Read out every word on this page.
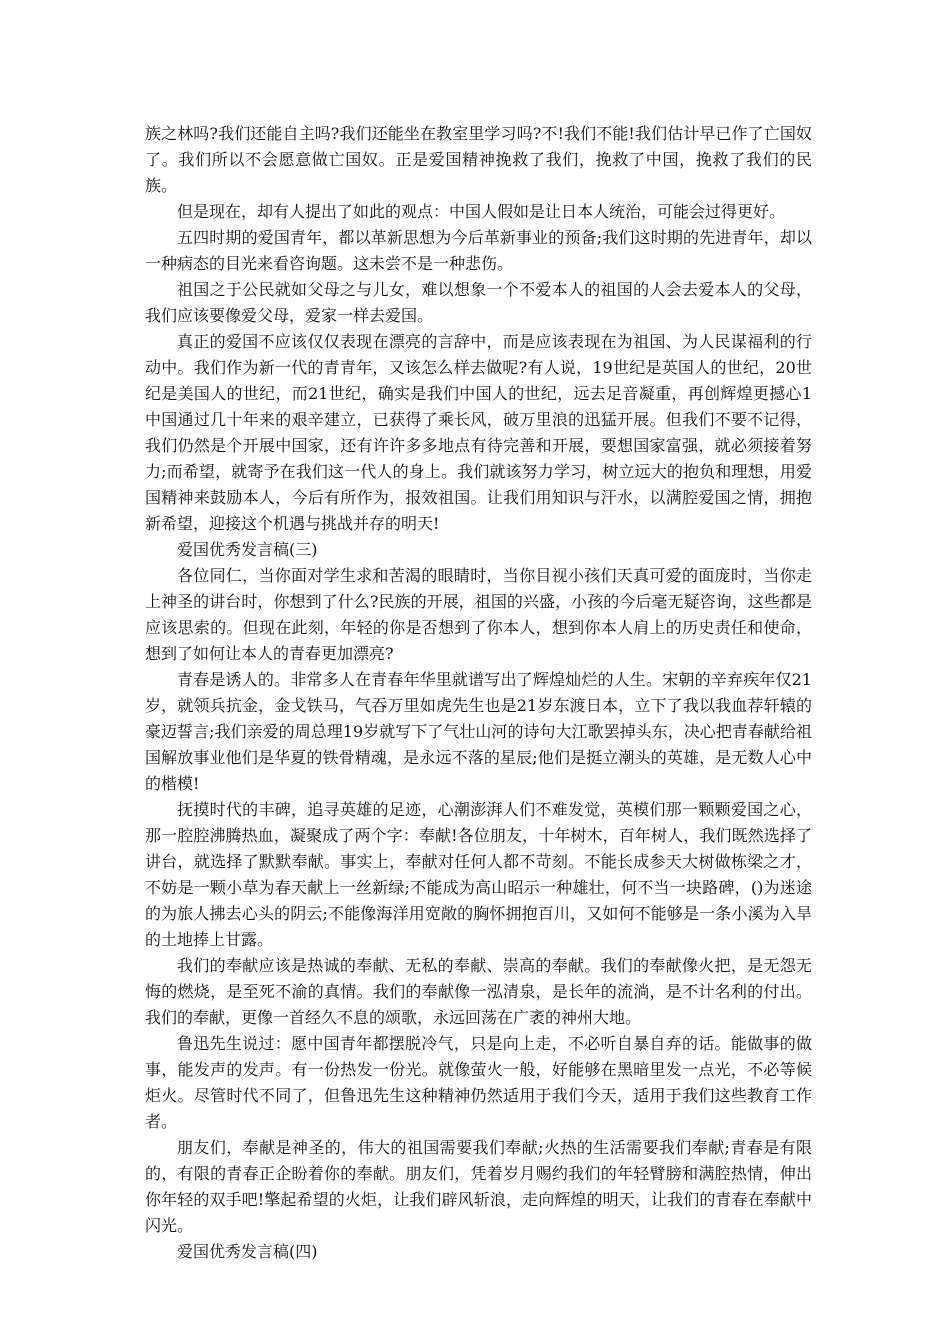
族之林吗?我们还能自主吗?我们还能坐在教室里学习吗?不!我们不能!我们估计早已作了亡国奴了。我们所以不会愿意做亡国奴。正是爱国精神挽救了我们，挽救了中国，挽救了我们的民族。

但是现在，却有人提出了如此的观点：中国人假如是让日本人统治，可能会过得更好。

五四时期的爱国青年，都以革新思想为今后革新事业的预备;我们这时期的先进青年，却以一种病态的目光来看咨询题。这未尝不是一种悲伤。

祖国之于公民就如父母之与儿女，难以想象一个不爱本人的祖国的人会去爱本人的父母，我们应该要像爱父母，爱家一样去爱国。

真正的爱国不应该仅仅表现在漂亮的言辞中，而是应该表现在为祖国、为人民谋福利的行动中。我们作为新一代的青青年，又该怎么样去做呢?有人说，19世纪是英国人的世纪，20世纪是美国人的世纪，而21世纪，确实是我们中国人的世纪，远去足音凝重，再创辉煌更撼心1中国通过几十年来的艰辛建立，已获得了乘长风，破万里浪的迅猛开展。但我们不要不记得，我们仍然是个开展中国家，还有许许多多地点有待完善和开展，要想国家富强，就必须接着努力;而希望，就寄予在我们这一代人的身上。我们就该努力学习，树立远大的抱负和理想，用爱国精神来鼓励本人，今后有所作为，报效祖国。让我们用知识与汗水，以满腔爱国之情，拥抱新希望，迎接这个机遇与挑战并存的明天!

爱国优秀发言稿(三)

各位同仁，当你面对学生求和苦渴的眼睛时，当你目视小孩们天真可爱的面庞时，当你走上神圣的讲台时，你想到了什么?民族的开展，祖国的兴盛，小孩的今后毫无疑咨询，这些都是应该思索的。但现在此刻，年轻的你是否想到了你本人，想到你本人肩上的历史责任和使命，想到了如何让本人的青春更加漂亮?

青春是诱人的。非常多人在青春年华里就谱写出了辉煌灿烂的人生。宋朝的辛弃疾年仅21岁，就领兵抗金，金戈铁马，气吞万里如虎先生也是21岁东渡日本，立下了我以我血荐轩辕的豪迈誓言;我们亲爱的周总理19岁就写下了气壮山河的诗句大江歌罢掉头东，决心把青春献给祖国解放事业他们是华夏的铁骨精魂，是永远不落的星辰;他们是挺立潮头的英雄，是无数人心中的楷模!

抚摸时代的丰碑，追寻英雄的足迹，心潮澎湃人们不难发觉，英模们那一颗颗爱国之心，那一腔腔沸腾热血，凝聚成了两个字：奉献!各位朋友，十年树木，百年树人，我们既然选择了讲台，就选择了默默奉献。事实上，奉献对任何人都不苛刻。不能长成参天大树做栋梁之才，不妨是一颗小草为春天献上一丝新绿;不能成为高山昭示一种雄壮，何不当一块路碑，()为迷途的为旅人拂去心头的阴云;不能像海洋用宽敞的胸怀拥抱百川，又如何不能够是一条小溪为入旱的土地捧上甘露。

我们的奉献应该是热诚的奉献、无私的奉献、崇高的奉献。我们的奉献像火把，是无怨无悔的燃烧，是至死不渝的真情。我们的奉献像一泓清泉，是长年的流淌，是不计名利的付出。我们的奉献，更像一首经久不息的颂歌，永远回荡在广袤的神州大地。

鲁迅先生说过：愿中国青年都摆脱冷气，只是向上走，不必听自暴自弃的话。能做事的做事，能发声的发声。有一份热发一份光。就像萤火一般，好能够在黑暗里发一点光，不必等候炬火。尽管时代不同了，但鲁迅先生这种精神仍然适用于我们今天，适用于我们这些教育工作者。

朋友们，奉献是神圣的，伟大的祖国需要我们奉献;火热的生活需要我们奉献;青春是有限的，有限的青春正企盼着你的奉献。朋友们，凭着岁月赐约我们的年轻臂膀和满腔热情，伸出你年轻的双手吧!擎起希望的火炬，让我们辟风斩浪，走向辉煌的明天，让我们的青春在奉献中闪光。

爱国优秀发言稿(四)
